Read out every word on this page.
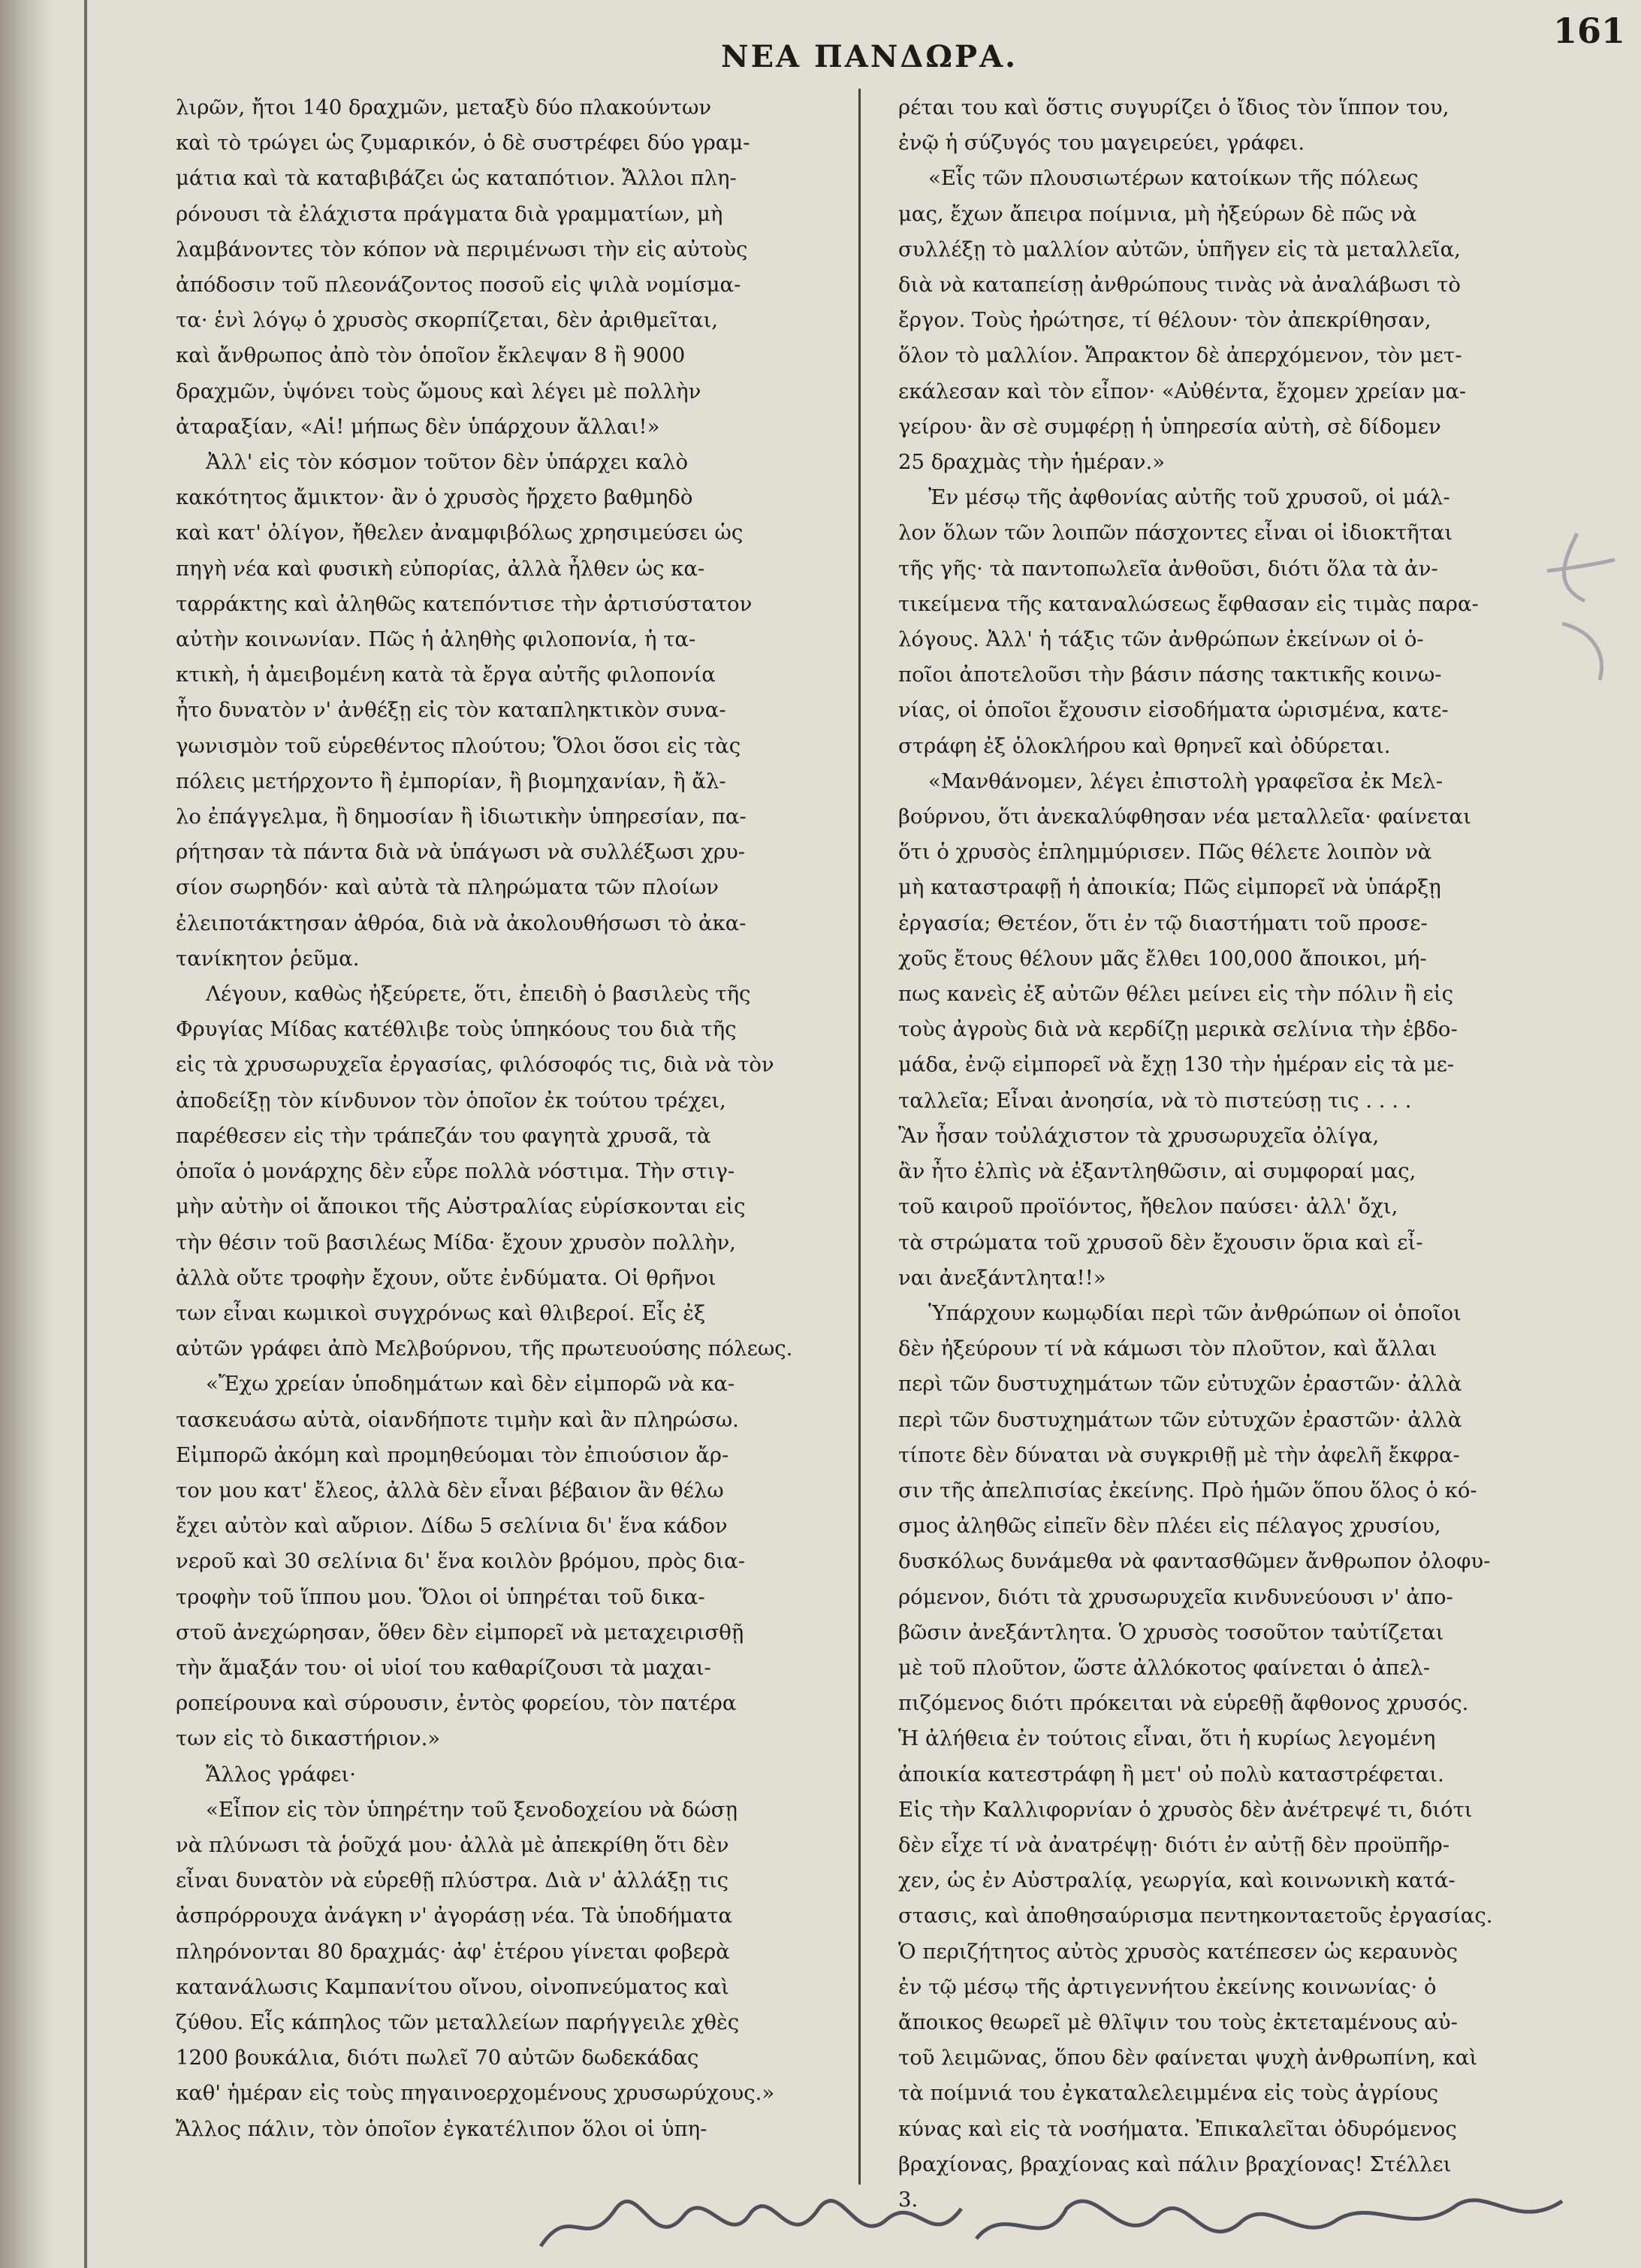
ΝΕΑ ΠΑΝΔΩΡΑ.
161

λιρῶν, ἤτοι 140 δραχμῶν, μεταξὺ δύο πλακούντων

καὶ τὸ τρώγει ὡς ζυμαρικόν, ὁ δὲ συστρέφει δύο γραμ-

μάτια καὶ τὰ καταβιβάζει ὡς καταπότιον. Ἄλλοι πλη-

ρόνουσι τὰ ἐλάχιστα πράγματα διὰ γραμματίων, μὴ

λαμβάνοντες τὸν κόπον νὰ περιμένωσι τὴν εἰς αὐτοὺς

ἀπόδοσιν τοῦ πλεονάζοντος ποσοῦ εἰς ψιλὰ νομίσμα-

τα· ἑνὶ λόγῳ ὁ χρυσὸς σκορπίζεται, δὲν ἀριθμεῖται,

καὶ ἄνθρωπος ἀπὸ τὸν ὁποῖον ἔκλεψαν 8 ἢ 9000

δραχμῶν, ὑψόνει τοὺς ὤμους καὶ λέγει μὲ πολλὴν

ἀταραξίαν, «Αἱ! μήπως δὲν ὑπάρχουν ἄλλαι!»

Ἀλλ' εἰς τὸν κόσμον τοῦτον δὲν ὑπάρχει καλὸ

κακότητος ἄμικτον· ἂν ὁ χρυσὸς ἤρχετο βαθμηδὸ

καὶ κατ' ὀλίγον, ἤθελεν ἀναμφιβόλως χρησιμεύσει ὡς

πηγὴ νέα καὶ φυσικὴ εὐπορίας, ἀλλὰ ἦλθεν ὡς κα-

ταρράκτης καὶ ἀληθῶς κατεπόντισε τὴν ἀρτισύστατον

αὐτὴν κοινωνίαν. Πῶς ἡ ἀληθὴς φιλοπονία, ἡ τα-

κτικὴ, ἡ ἀμειβομένη κατὰ τὰ ἔργα αὐτῆς φιλοπονία

ἦτο δυνατὸν ν' ἀνθέξῃ εἰς τὸν καταπληκτικὸν συνα-

γωνισμὸν τοῦ εὑρεθέντος πλούτου; Ὅλοι ὅσοι εἰς τὰς

πόλεις μετήρχοντο ἢ ἐμπορίαν, ἢ βιομηχανίαν, ἢ ἄλ-

λο ἐπάγγελμα, ἢ δημοσίαν ἢ ἰδιωτικὴν ὑπηρεσίαν, πα-

ρήτησαν τὰ πάντα διὰ νὰ ὑπάγωσι νὰ συλλέξωσι χρυ-

σίον σωρηδόν· καὶ αὐτὰ τὰ πληρώματα τῶν πλοίων

ἐλειποτάκτησαν ἀθρόα, διὰ νὰ ἀκολουθήσωσι τὸ ἀκα-

τανίκητον ῥεῦμα.

Λέγουν, καθὼς ἠξεύρετε, ὅτι, ἐπειδὴ ὁ βασιλεὺς τῆς

Φρυγίας Μίδας κατέθλιβε τοὺς ὑπηκόους του διὰ τῆς

εἰς τὰ χρυσωρυχεῖα ἐργασίας, φιλόσοφός τις, διὰ νὰ τὸν

ἀποδείξῃ τὸν κίνδυνον τὸν ὁποῖον ἐκ τούτου τρέχει,

παρέθεσεν εἰς τὴν τράπεζάν του φαγητὰ χρυσᾶ, τὰ

ὁποῖα ὁ μονάρχης δὲν εὗρε πολλὰ νόστιμα. Τὴν στιγ-

μὴν αὐτὴν οἱ ἄποικοι τῆς Αὐστραλίας εὑρίσκονται εἰς

τὴν θέσιν τοῦ βασιλέως Μίδα· ἔχουν χρυσὸν πολλὴν,

ἀλλὰ οὔτε τροφὴν ἔχουν, οὔτε ἐνδύματα. Οἱ θρῆνοι

των εἶναι κωμικοὶ συγχρόνως καὶ θλιβεροί. Εἷς ἐξ

αὐτῶν γράφει ἀπὸ Μελβούρνου, τῆς πρωτευούσης πόλεως.

«Ἔχω χρείαν ὑποδημάτων καὶ δὲν εἰμπορῶ νὰ κα-

τασκευάσω αὐτὰ, οἱανδήποτε τιμὴν καὶ ἂν πληρώσω.

Εἰμπορῶ ἀκόμη καὶ προμηθεύομαι τὸν ἐπιούσιον ἄρ-

τον μου κατ' ἔλεος, ἀλλὰ δὲν εἶναι βέβαιον ἂν θέλω

ἔχει αὐτὸν καὶ αὔριον. Δίδω 5 σελίνια δι' ἕνα κάδον

νεροῦ καὶ 30 σελίνια δι' ἕνα κοιλὸν βρόμου, πρὸς δια-

τροφὴν τοῦ ἵππου μου. Ὅλοι οἱ ὑπηρέται τοῦ δικα-

στοῦ ἀνεχώρησαν, ὅθεν δὲν εἰμπορεῖ νὰ μεταχειρισθῇ

τὴν ἅμαξάν του· οἱ υἱοί του καθαρίζουσι τὰ μαχαι-

ροπείρουνα καὶ σύρουσιν, ἐντὸς φορείου, τὸν πατέρα

των εἰς τὸ δικαστήριον.»

Ἄλλος γράφει·

«Εἶπον εἰς τὸν ὑπηρέτην τοῦ ξενοδοχείου νὰ δώσῃ

νὰ πλύνωσι τὰ ῥοῦχά μου· ἀλλὰ μὲ ἀπεκρίθη ὅτι δὲν

εἶναι δυνατὸν νὰ εὑρεθῇ πλύστρα. Διὰ ν' ἀλλάξῃ τις

ἀσπρόρρουχα ἀνάγκη ν' ἀγοράσῃ νέα. Τὰ ὑποδήματα

πληρόνονται 80 δραχμάς· ἀφ' ἑτέρου γίνεται φοβερὰ

κατανάλωσις Καμπανίτου οἴνου, οἰνοπνεύματος καὶ

ζύθου. Εἷς κάπηλος τῶν μεταλλείων παρήγγειλε χθὲς

1200 βουκάλια, διότι πωλεῖ 70 αὐτῶν δωδεκάδας

καθ' ἡμέραν εἰς τοὺς πηγαινοερχομένους χρυσωρύχους.»

Ἄλλος πάλιν, τὸν ὁποῖον ἐγκατέλιπον ὅλοι οἱ ὑπη-

ρέται του καὶ ὅστις συγυρίζει ὁ ἴδιος τὸν ἵππον του,

ἐνῷ ἡ σύζυγός του μαγειρεύει, γράφει.

«Εἷς τῶν πλουσιωτέρων κατοίκων τῆς πόλεως

μας, ἔχων ἄπειρα ποίμνια, μὴ ἠξεύρων δὲ πῶς νὰ

συλλέξῃ τὸ μαλλίον αὐτῶν, ὑπῆγεν εἰς τὰ μεταλλεῖα,

διὰ νὰ καταπείσῃ ἀνθρώπους τινὰς νὰ ἀναλάβωσι τὸ

ἔργον. Τοὺς ἠρώτησε, τί θέλουν· τὸν ἀπεκρίθησαν,

ὅλον τὸ μαλλίον. Ἄπρακτον δὲ ἀπερχόμενον, τὸν μετ-

εκάλεσαν καὶ τὸν εἶπον· «Αὐθέντα, ἔχομεν χρείαν μα-

γείρου· ἂν σὲ συμφέρῃ ἡ ὑπηρεσία αὐτὴ, σὲ δίδομεν

25 δραχμὰς τὴν ἡμέραν.»

Ἐν μέσῳ τῆς ἀφθονίας αὐτῆς τοῦ χρυσοῦ, οἱ μάλ-

λον ὅλων τῶν λοιπῶν πάσχοντες εἶναι οἱ ἰδιοκτῆται

τῆς γῆς· τὰ παντοπωλεῖα ἀνθοῦσι, διότι ὅλα τὰ ἀν-

τικείμενα τῆς καταναλώσεως ἔφθασαν εἰς τιμὰς παρα-

λόγους. Ἀλλ' ἡ τάξις τῶν ἀνθρώπων ἐκείνων οἱ ὁ-

ποῖοι ἀποτελοῦσι τὴν βάσιν πάσης τακτικῆς κοινω-

νίας, οἱ ὁποῖοι ἔχουσιν εἰσοδήματα ὡρισμένα, κατε-

στράφη ἐξ ὁλοκλήρου καὶ θρηνεῖ καὶ ὀδύρεται.

«Μανθάνομεν, λέγει ἐπιστολὴ γραφεῖσα ἐκ Μελ-

βούρνου, ὅτι ἀνεκαλύφθησαν νέα μεταλλεῖα· φαίνεται

ὅτι ὁ χρυσὸς ἐπλημμύρισεν. Πῶς θέλετε λοιπὸν νὰ

μὴ καταστραφῇ ἡ ἀποικία; Πῶς εἰμπορεῖ νὰ ὑπάρξῃ

ἐργασία; Θετέον, ὅτι ἐν τῷ διαστήματι τοῦ προσε-

χοῦς ἔτους θέλουν μᾶς ἔλθει 100,000 ἄποικοι, μή-

πως κανεὶς ἐξ αὐτῶν θέλει μείνει εἰς τὴν πόλιν ἢ εἰς

τοὺς ἀγροὺς διὰ νὰ κερδίζῃ μερικὰ σελίνια τὴν ἑβδο-

μάδα, ἐνῷ εἰμπορεῖ νὰ ἔχῃ 130 τὴν ἡμέραν εἰς τὰ με-

ταλλεῖα; Εἶναι ἀνοησία, νὰ τὸ πιστεύσῃ τις . . . .

Ἂν ἦσαν τοὐλάχιστον τὰ χρυσωρυχεῖα ὀλίγα,

ἂν ἦτο ἐλπὶς νὰ ἐξαντληθῶσιν, αἱ συμφοραί μας,

τοῦ καιροῦ προϊόντος, ἤθελον παύσει· ἀλλ' ὄχι,

τὰ στρώματα τοῦ χρυσοῦ δὲν ἔχουσιν ὅρια καὶ εἶ-

ναι ἀνεξάντλητα!!»

Ὑπάρχουν κωμῳδίαι περὶ τῶν ἀνθρώπων οἱ ὁποῖοι

δὲν ἠξεύρουν τί νὰ κάμωσι τὸν πλοῦτον, καὶ ἄλλαι

περὶ τῶν δυστυχημάτων τῶν εὐτυχῶν ἐραστῶν· ἀλλὰ

περὶ τῶν δυστυχημάτων τῶν εὐτυχῶν ἐραστῶν· ἀλλὰ

τίποτε δὲν δύναται νὰ συγκριθῇ μὲ τὴν ἀφελῆ ἔκφρα-

σιν τῆς ἀπελπισίας ἐκείνης. Πρὸ ἡμῶν ὅπου ὅλος ὁ κό-

σμος ἀληθῶς εἰπεῖν δὲν πλέει εἰς πέλαγος χρυσίου,

δυσκόλως δυνάμεθα νὰ φαντασθῶμεν ἄνθρωπον ὀλοφυ-

ρόμενον, διότι τὰ χρυσωρυχεῖα κινδυνεύουσι ν' ἀπο-

βῶσιν ἀνεξάντλητα. Ὁ χρυσὸς τοσοῦτον ταὐτίζεται

μὲ τοῦ πλοῦτον, ὥστε ἀλλόκοτος φαίνεται ὁ ἀπελ-

πιζόμενος διότι πρόκειται νὰ εὑρεθῇ ἄφθονος χρυσός.

Ἡ ἀλήθεια ἐν τούτοις εἶναι, ὅτι ἡ κυρίως λεγομένη

ἀποικία κατεστράφη ἢ μετ' οὐ πολὺ καταστρέφεται.

Εἰς τὴν Καλλιφορνίαν ὁ χρυσὸς δὲν ἀνέτρεψέ τι, διότι

δὲν εἶχε τί νὰ ἀνατρέψῃ· διότι ἐν αὐτῇ δὲν προϋπῆρ-

χεν, ὡς ἐν Αὐστραλίᾳ, γεωργία, καὶ κοινωνικὴ κατά-

στασις, καὶ ἀποθησαύρισμα πεντηκονταετοῦς ἐργασίας.

Ὁ περιζήτητος αὐτὸς χρυσὸς κατέπεσεν ὡς κεραυνὸς

ἐν τῷ μέσῳ τῆς ἀρτιγεννήτου ἐκείνης κοινωνίας· ὁ

ἄποικος θεωρεῖ μὲ θλῖψιν του τοὺς ἐκτεταμένους αὐ-

τοῦ λειμῶνας, ὅπου δὲν φαίνεται ψυχὴ ἀνθρωπίνη, καὶ

τὰ ποίμνιά του ἐγκαταλελειμμένα εἰς τοὺς ἀγρίους

κύνας καὶ εἰς τὰ νοσήματα. Ἐπικαλεῖται ὀδυρόμενος

βραχίονας, βραχίονας καὶ πάλιν βραχίονας! Στέλλει

3.
